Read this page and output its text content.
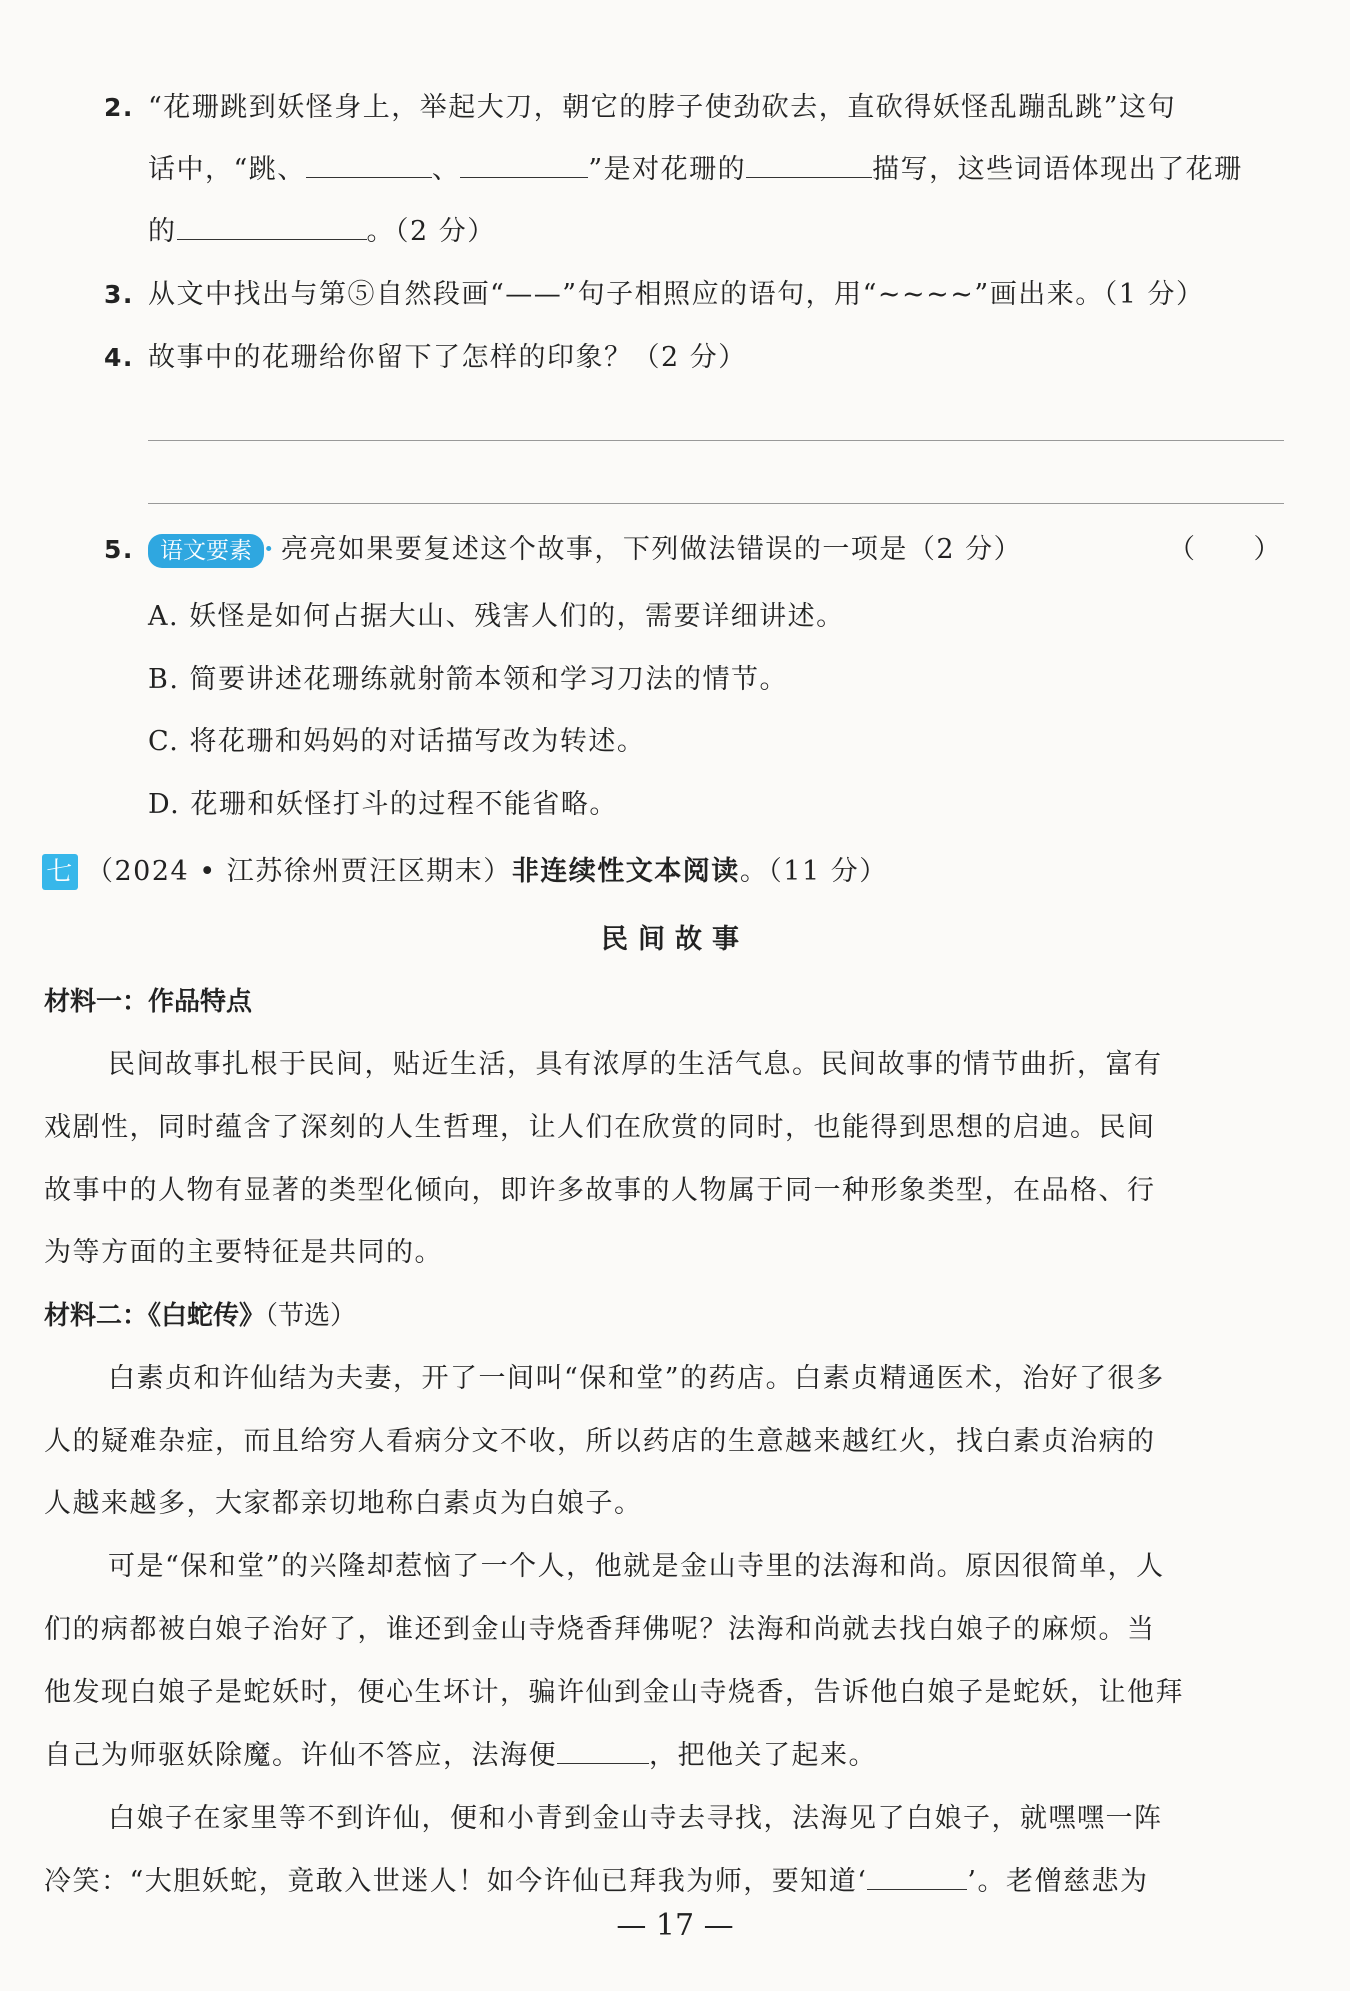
2. “花珊跳到妖怪身上，举起大刀，朝它的脖子使劲砍去，直砍得妖怪乱蹦乱跳”这句
话中，“跳、	、	”是对花珊的	描写，这些词语体现出了花珊
的	。（2 分）
3. 从文中找出与第⑤自然段画“——”句子相照应的语句，用“~~~~”画出来。（1 分）
4. 故事中的花珊给你留下了怎样的印象？（2 分）
5.	语文要素 · 亮亮如果要复述这个故事，下列做法错误的一项是（2 分）	（　　）
A. 妖怪是如何占据大山、残害人们的，需要详细讲述。
B. 简要讲述花珊练就射箭本领和学习刀法的情节。
C. 将花珊和妈妈的对话描写改为转述。
D. 花珊和妖怪打斗的过程不能省略。
七 （2024 • 江苏徐州贾汪区期末）非连续性文本阅读。（11 分）
民间故事
材料一：作品特点
民间故事扎根于民间，贴近生活，具有浓厚的生活气息。民间故事的情节曲折，富有
戏剧性，同时蕴含了深刻的人生哲理，让人们在欣赏的同时，也能得到思想的启迪。民间
故事中的人物有显著的类型化倾向，即许多故事的人物属于同一种形象类型，在品格、行
为等方面的主要特征是共同的。
材料二：《白蛇传》（节选）
白素贞和许仙结为夫妻，开了一间叫“保和堂”的药店。白素贞精通医术，治好了很多
人的疑难杂症，而且给穷人看病分文不收，所以药店的生意越来越红火，找白素贞治病的
人越来越多，大家都亲切地称白素贞为白娘子。
可是“保和堂”的兴隆却惹恼了一个人，他就是金山寺里的法海和尚。原因很简单，人
们的病都被白娘子治好了，谁还到金山寺烧香拜佛呢？法海和尚就去找白娘子的麻烦。当
他发现白娘子是蛇妖时，便心生坏计，骗许仙到金山寺烧香，告诉他白娘子是蛇妖，让他拜
自己为师驱妖除魔。许仙不答应，法海便	，把他关了起来。
白娘子在家里等不到许仙，便和小青到金山寺去寻找，法海见了白娘子，就嘿嘿一阵
冷笑：“大胆妖蛇，竟敢入世迷人！如今许仙已拜我为师，要知道‘	’。老僧慈悲为
— 17 —
